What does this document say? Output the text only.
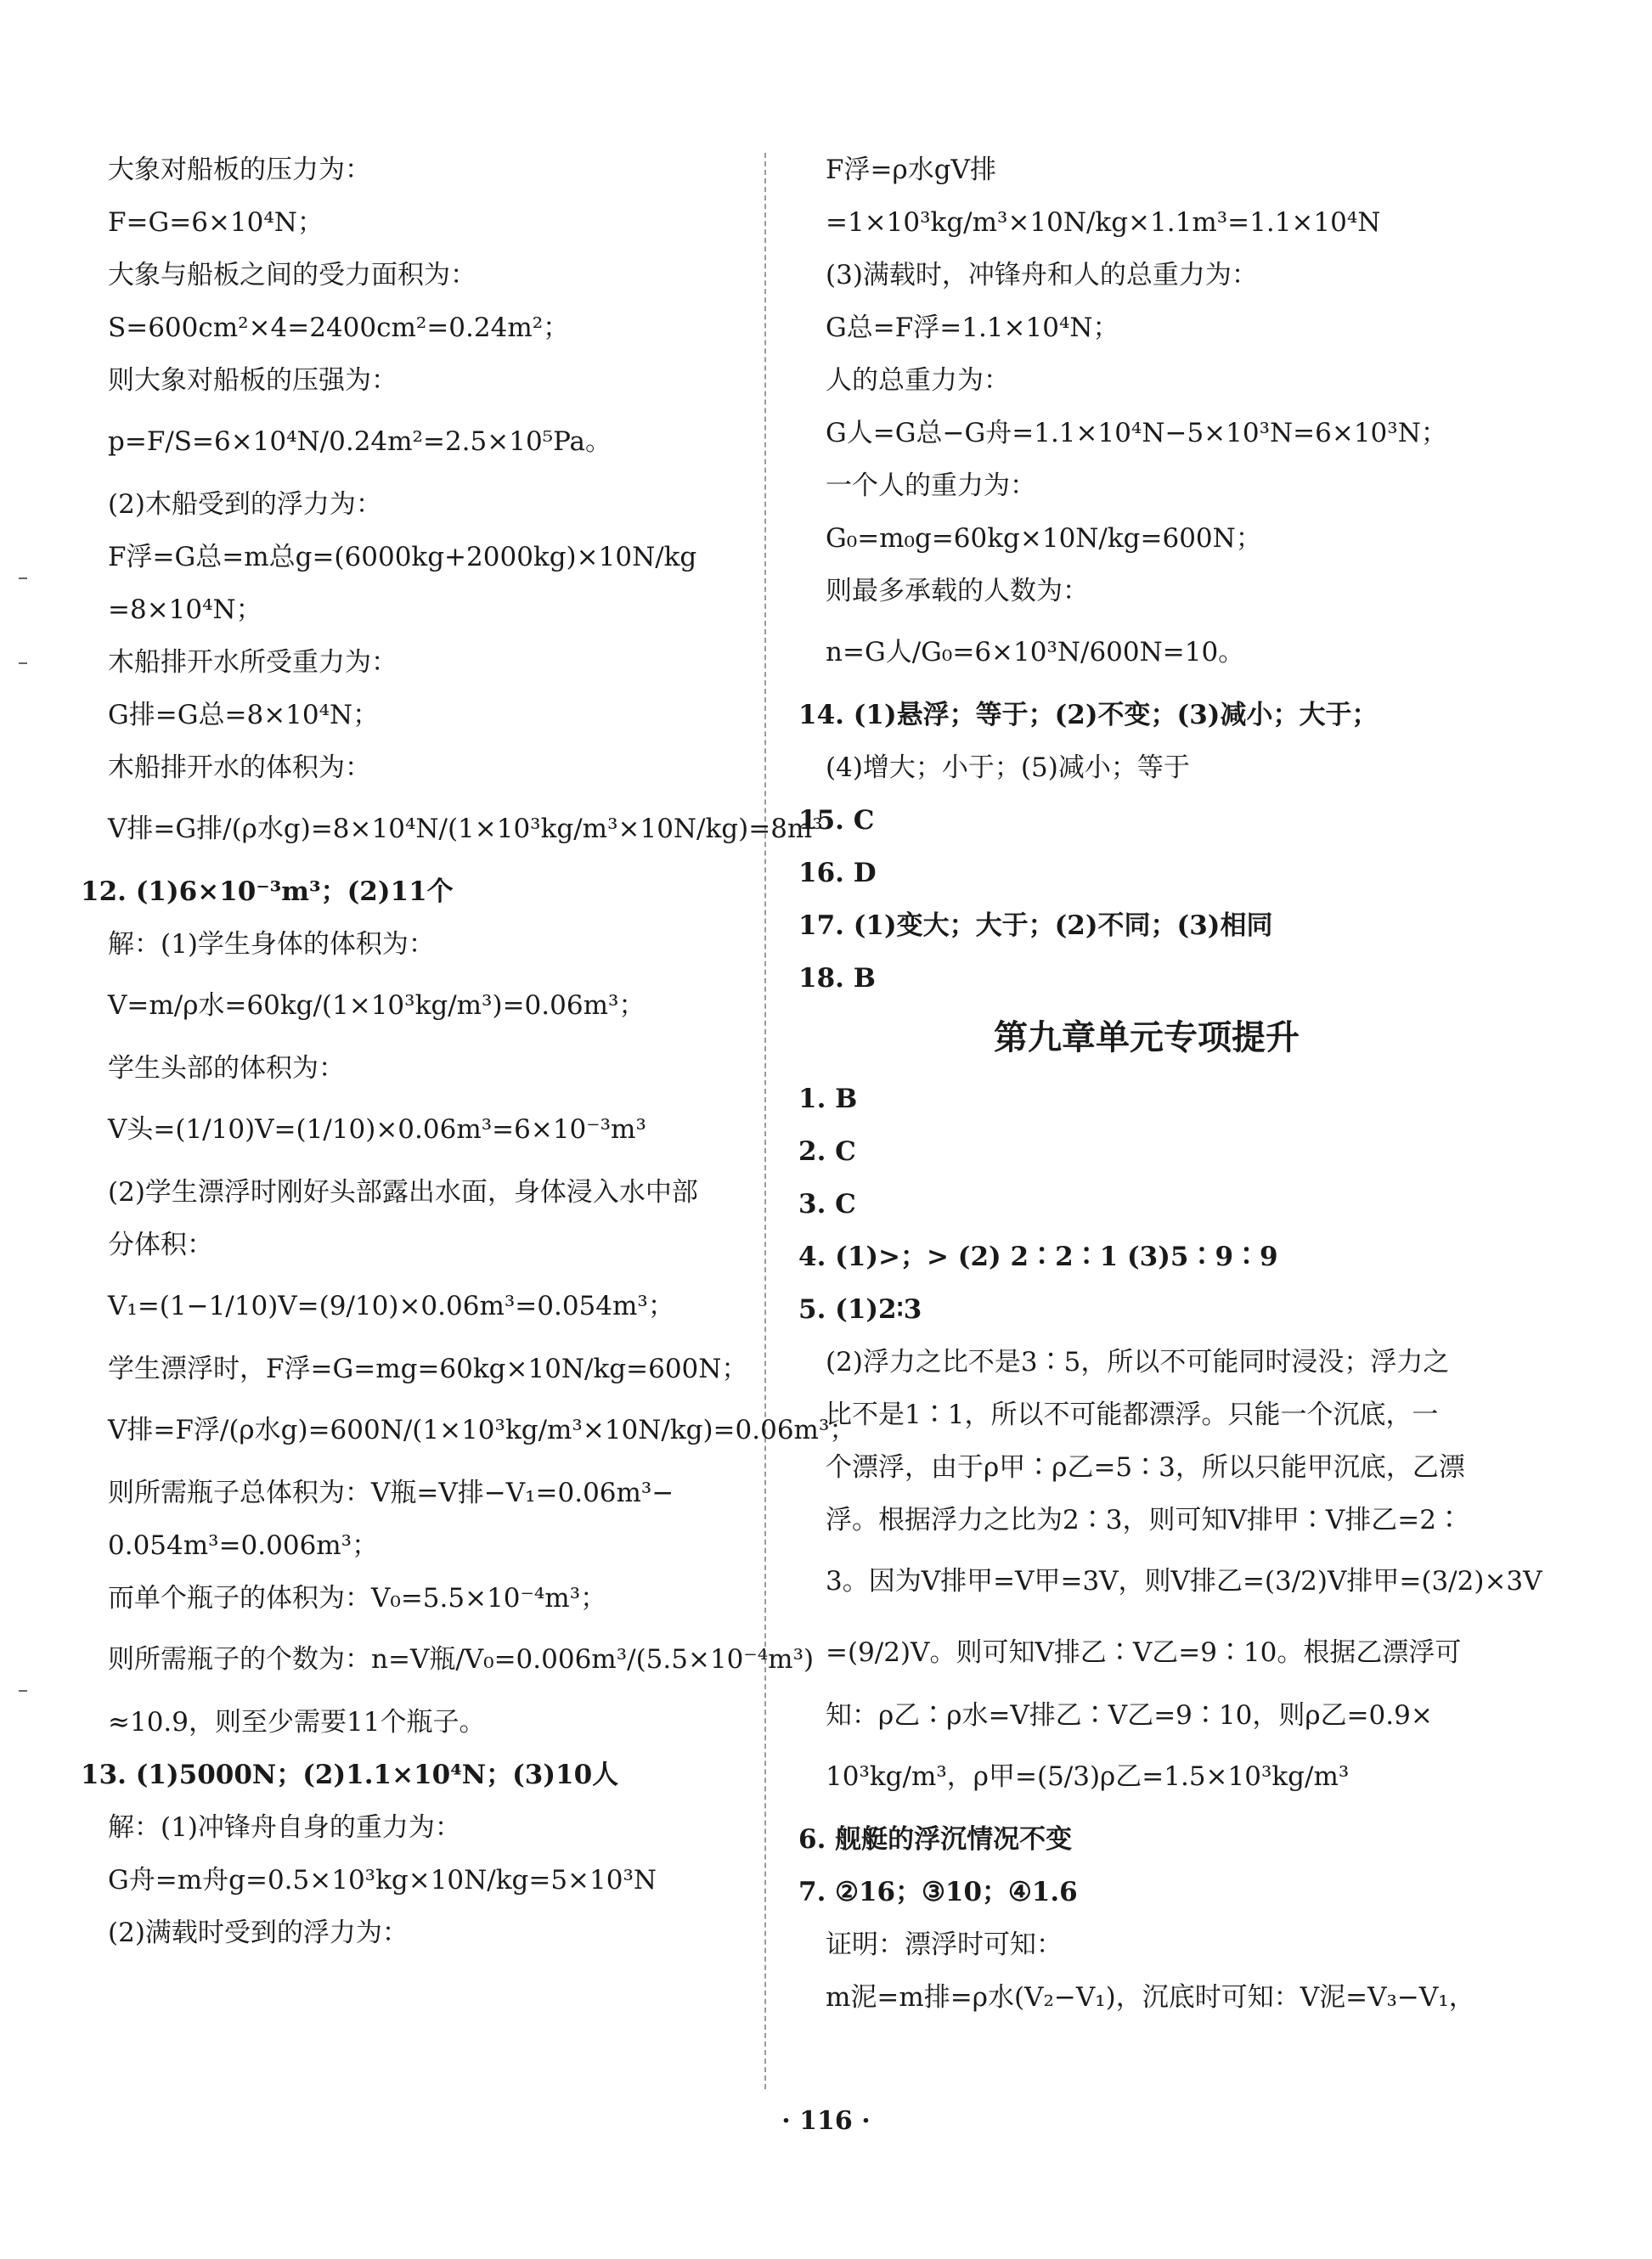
大象对船板的压力为：
F=G=6×10⁴N；
大象与船板之间的受力面积为：
S=600cm²×4=2400cm²=0.24m²；
则大象对船板的压强为：
p=F/S=6×10⁴N/0.24m²=2.5×10⁵Pa。
(2)木船受到的浮力为：
F浮=G总=m总g=(6000kg+2000kg)×10N/kg
=8×10⁴N；
木船排开水所受重力为：
G排=G总=8×10⁴N；
木船排开水的体积为：
V排=G排/(ρ水g)=8×10⁴N/(1×10³kg/m³×10N/kg)=8m³
12. (1)6×10⁻³m³；(2)11个
解：(1)学生身体的体积为：
V=m/ρ水=60kg/(1×10³kg/m³)=0.06m³；
学生头部的体积为：
V头=(1/10)V=(1/10)×0.06m³=6×10⁻³m³
(2)学生漂浮时刚好头部露出水面，身体浸入水中部
分体积：
V₁=(1−1/10)V=(9/10)×0.06m³=0.054m³；
学生漂浮时，F浮=G=mg=60kg×10N/kg=600N；
V排=F浮/(ρ水g)=600N/(1×10³kg/m³×10N/kg)=0.06m³；
则所需瓶子总体积为：V瓶=V排−V₁=0.06m³−
0.054m³=0.006m³；
而单个瓶子的体积为：V₀=5.5×10⁻⁴m³；
则所需瓶子的个数为：n=V瓶/V₀=0.006m³/(5.5×10⁻⁴m³)
≈10.9，则至少需要11个瓶子。
13. (1)5000N；(2)1.1×10⁴N；(3)10人
解：(1)冲锋舟自身的重力为：
G舟=m舟g=0.5×10³kg×10N/kg=5×10³N
(2)满载时受到的浮力为：
F浮=ρ水gV排
=1×10³kg/m³×10N/kg×1.1m³=1.1×10⁴N
(3)满载时，冲锋舟和人的总重力为：
G总=F浮=1.1×10⁴N；
人的总重力为：
G人=G总−G舟=1.1×10⁴N−5×10³N=6×10³N；
一个人的重力为：
G₀=m₀g=60kg×10N/kg=600N；
则最多承载的人数为：
n=G人/G₀=6×10³N/600N=10。
14. (1)悬浮；等于；(2)不变；(3)减小；大于；
(4)增大；小于；(5)减小；等于
15. C
16. D
17. (1)变大；大于；(2)不同；(3)相同
18. B
第九章单元专项提升
1. B
2. C
3. C
4. (1)>；> (2) 2∶2∶1 (3)5∶9∶9
5. (1)2∶3
(2)浮力之比不是3∶5，所以不可能同时浸没；浮力之
比不是1∶1，所以不可能都漂浮。只能一个沉底，一
个漂浮，由于ρ甲∶ρ乙=5∶3，所以只能甲沉底，乙漂
浮。根据浮力之比为2∶3，则可知V排甲∶V排乙=2∶
3。因为V排甲=V甲=3V，则V排乙=(3/2)V排甲=(3/2)×3V
=(9/2)V。则可知V排乙∶V乙=9∶10。根据乙漂浮可
知：ρ乙∶ρ水=V排乙∶V乙=9∶10，则ρ乙=0.9×
10³kg/m³，ρ甲=(5/3)ρ乙=1.5×10³kg/m³
6. 舰艇的浮沉情况不变
7. ②16；③10；④1.6
证明：漂浮时可知：
m泥=m排=ρ水(V₂−V₁)，沉底时可知：V泥=V₃−V₁，
· 116 ·
